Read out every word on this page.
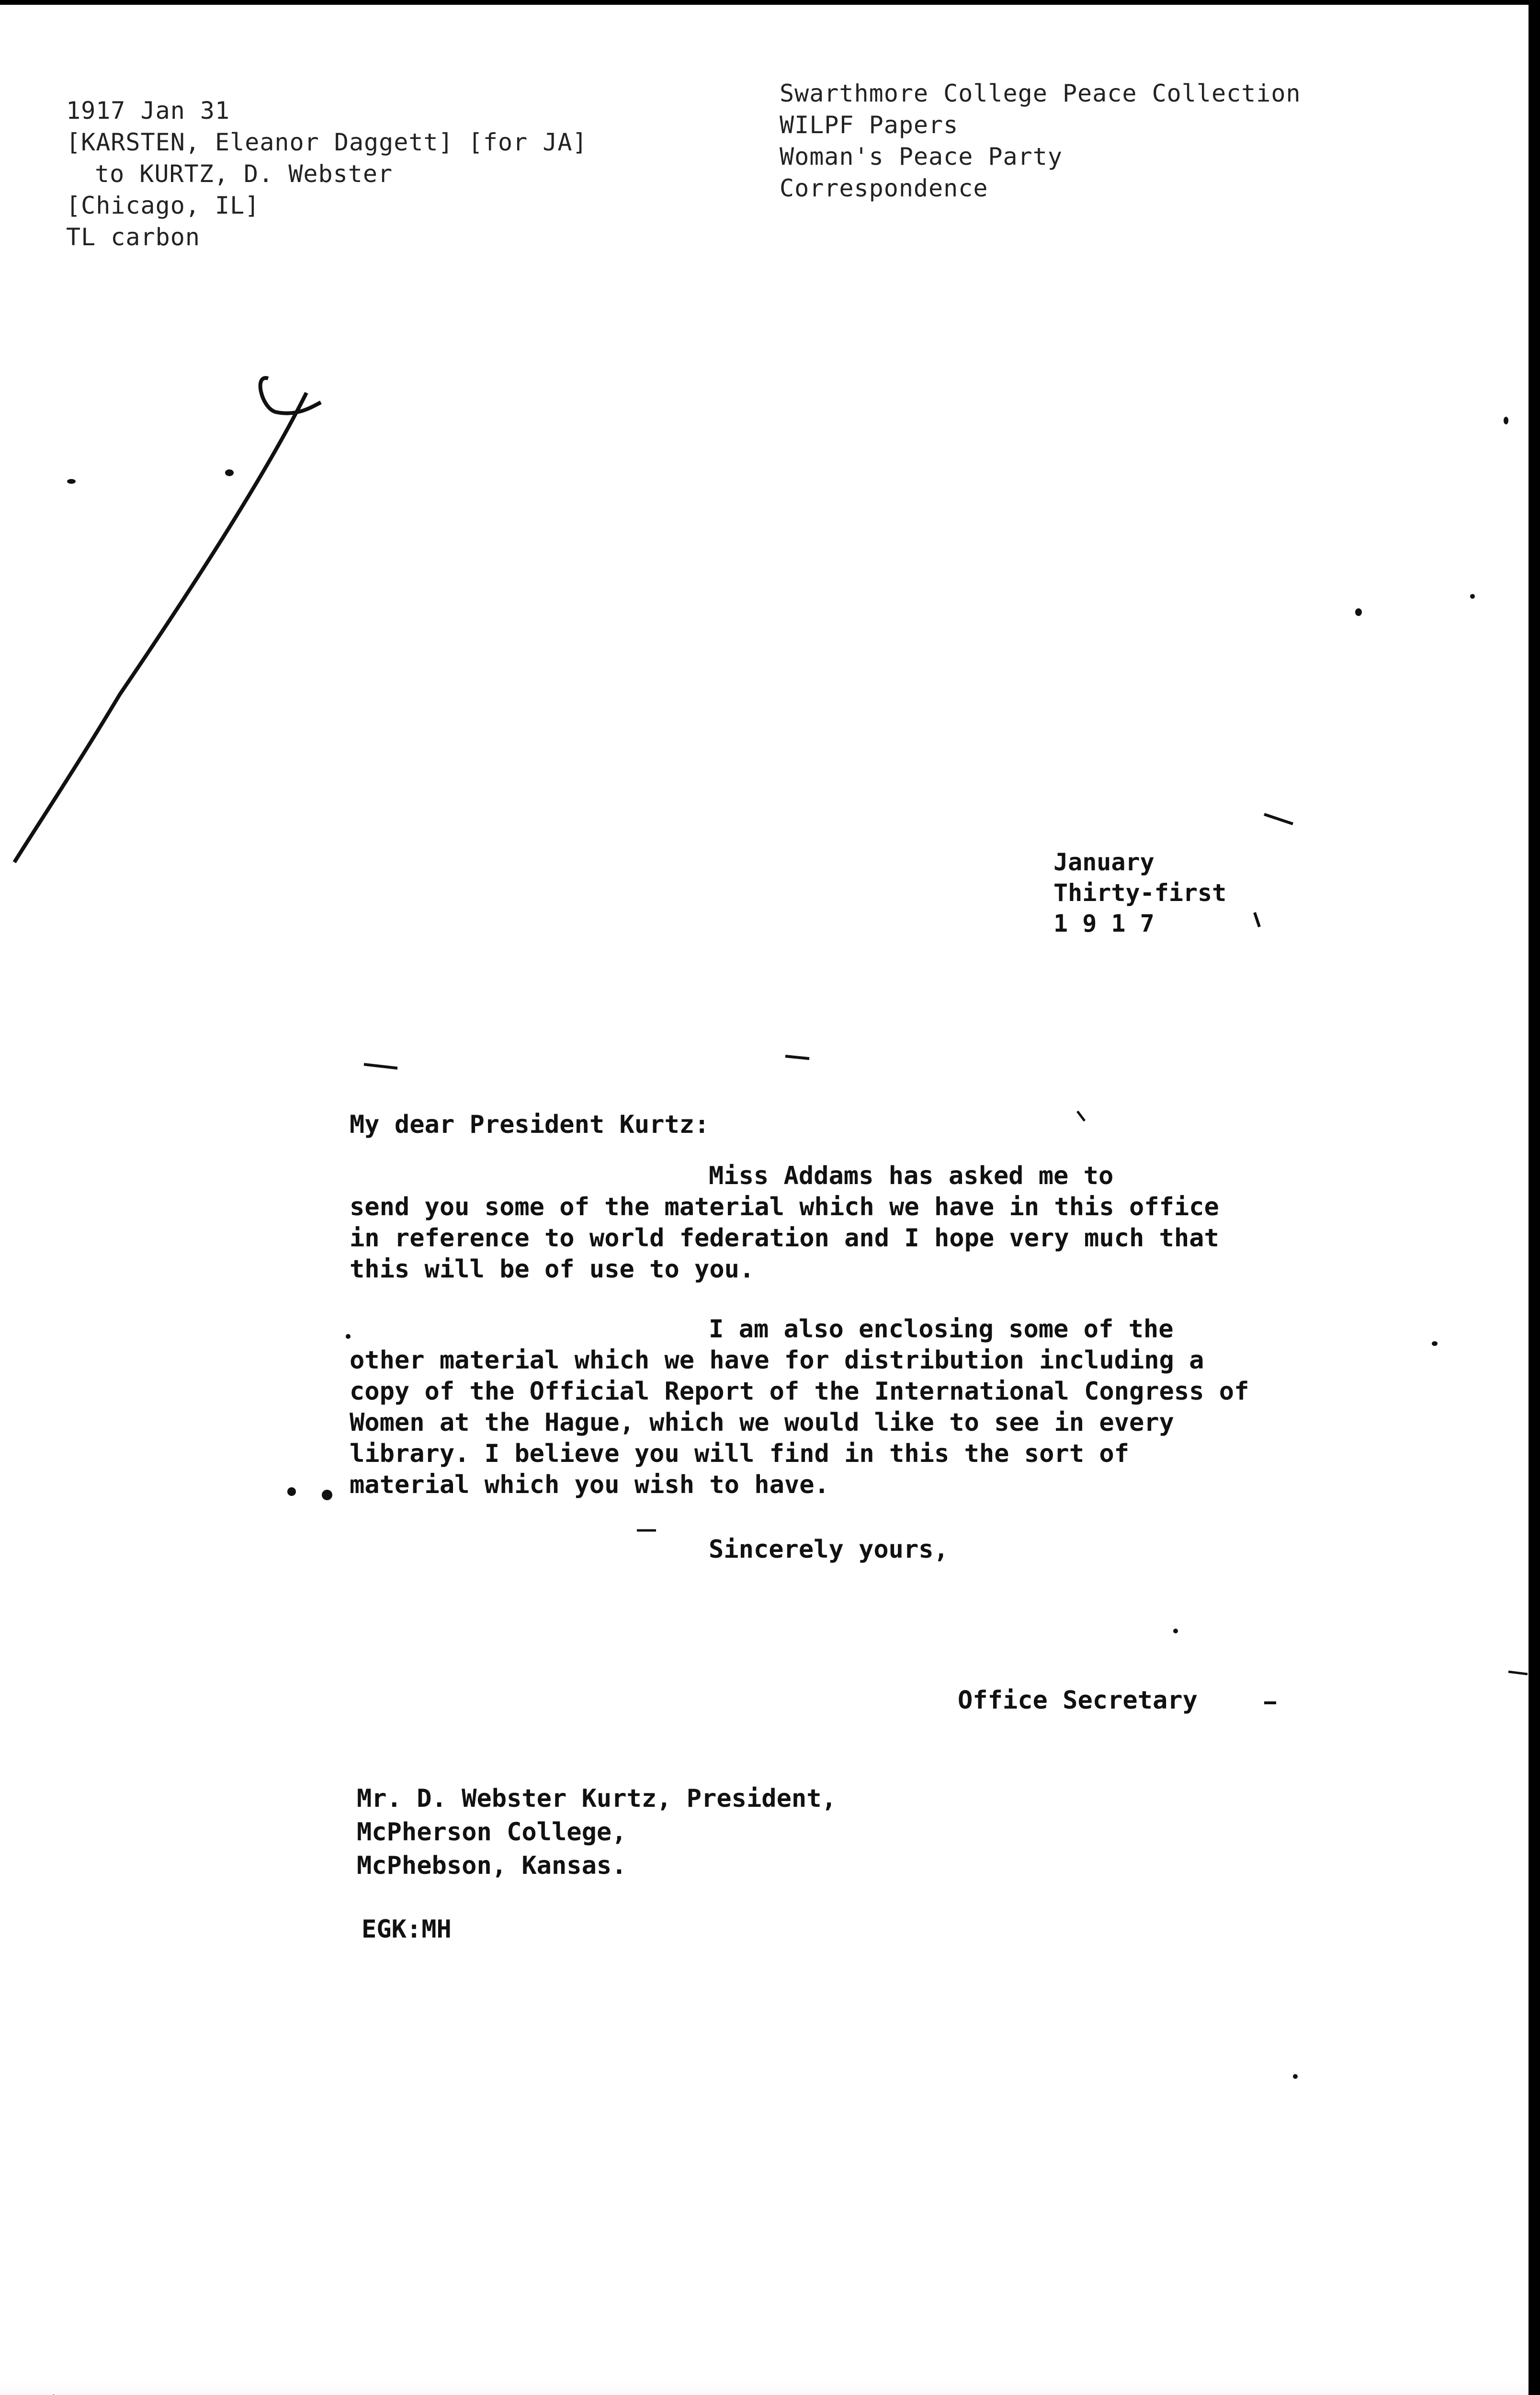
1917 Jan 31
[KARSTEN, Eleanor Daggett] [for JA]
to KURTZ, D. Webster
[Chicago, IL]
TL carbon
Swarthmore College Peace Collection
WILPF Papers
Woman's Peace Party
Correspondence
January
Thirty-first
1 9 1 7
My dear President Kurtz:
Miss Addams has asked me to
send you some of the material which we have in this office
in reference to world federation and I hope very much that
this will be of use to you.
I am also enclosing some of the
other material which we have for distribution including a
copy of the Official Report of the International Congress of
Women at the Hague, which we would like to see in every
library. I believe you will find in this the sort of
material which you wish to have.
Sincerely yours,
Office Secretary
Mr. D. Webster Kurtz, President,
McPherson College,
McPhebson, Kansas.
EGK:MH
